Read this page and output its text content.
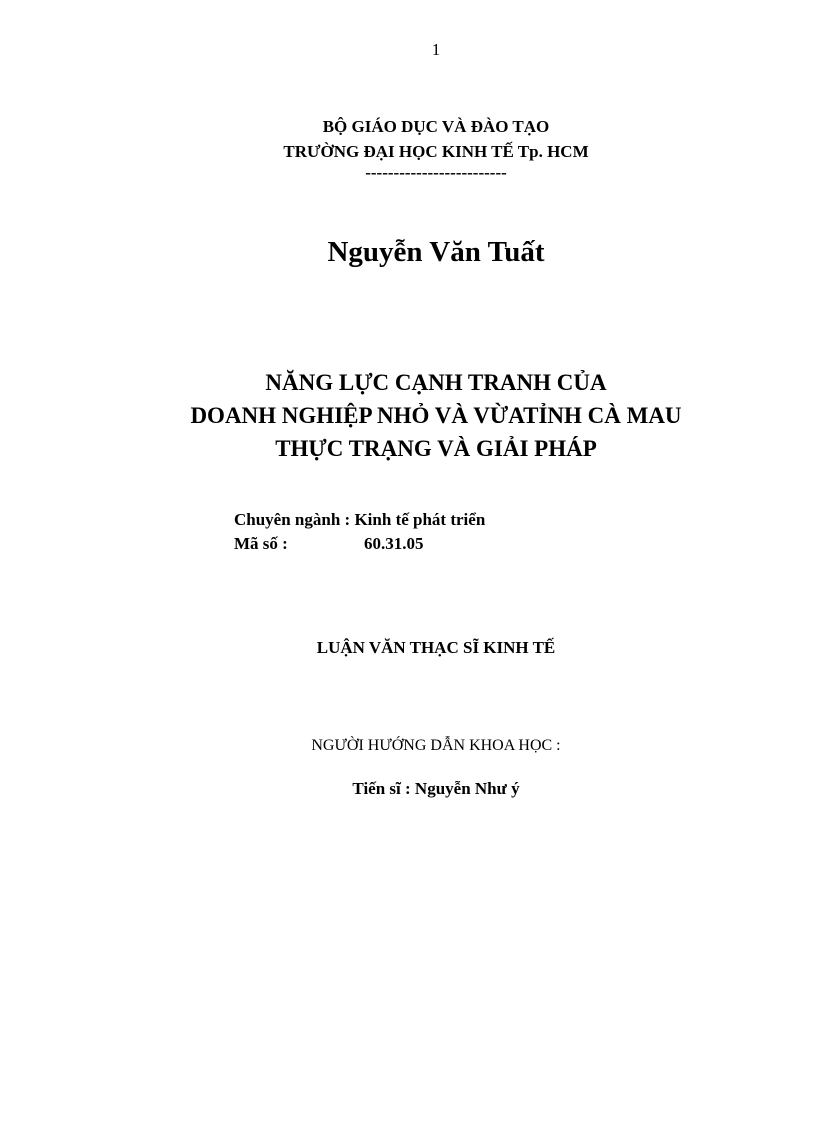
1
BỘ GIÁO DỤC VÀ ĐÀO TẠO
TRƯỜNG ĐẠI HỌC KINH TẾ Tp. HCM
-------------------------
Nguyễn Văn Tuất
NĂNG LỰC CẠNH TRANH CỦA
DOANH NGHIỆP NHỎ VÀ VỪATỈNH CÀ MAU
THỰC TRẠNG VÀ GIẢI PHÁP
Chuyên ngành : Kinh tế phát triển
Mã số :	60.31.05
LUẬN VĂN THẠC SĨ KINH TẾ
NGƯỜI HƯỚNG DẪN KHOA HỌC :
Tiến sĩ : Nguyễn Như ý
